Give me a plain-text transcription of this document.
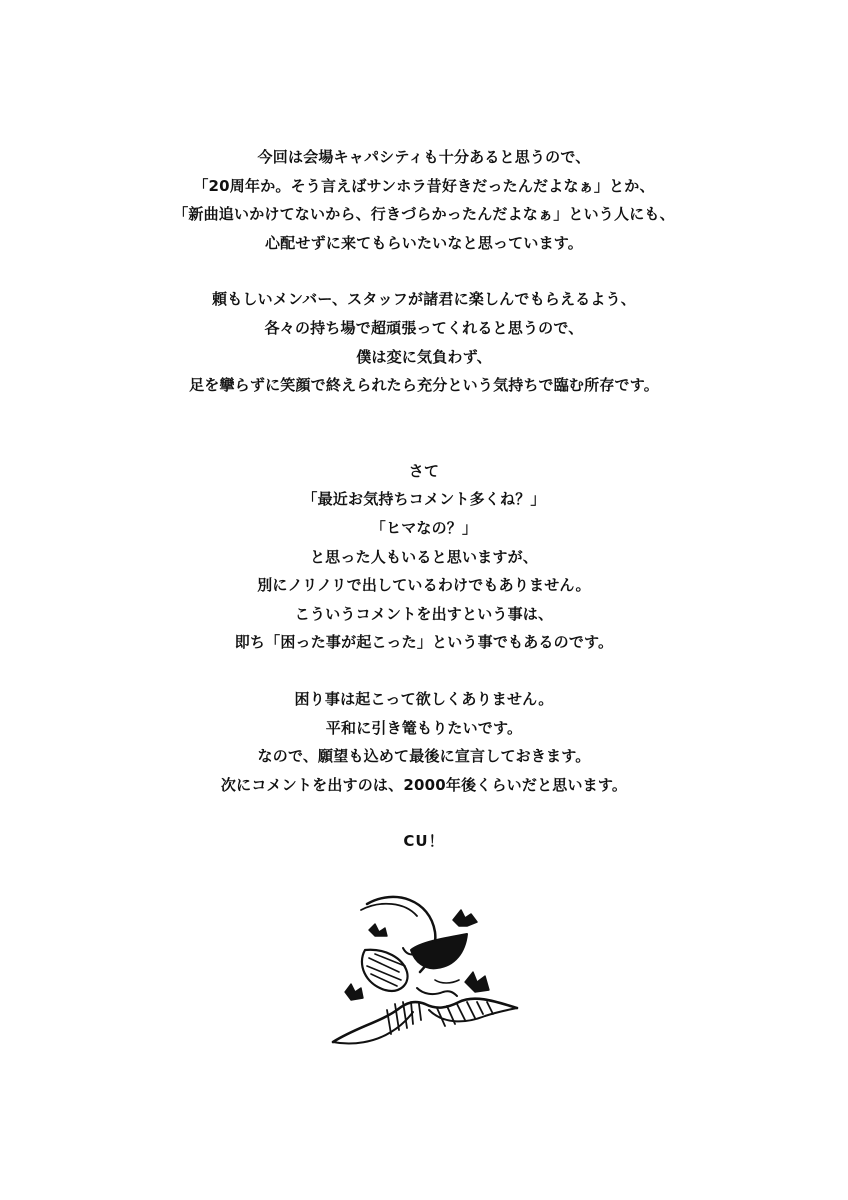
今回は会場キャパシティも十分あると思うので、
「20周年か。そう言えばサンホラ昔好きだったんだよなぁ」とか、
「新曲追いかけてないから、行きづらかったんだよなぁ」という人にも、
心配せずに来てもらいたいなと思っています。

頼もしいメンバー、スタッフが諸君に楽しんでもらえるよう、
各々の持ち場で超頑張ってくれると思うので、
僕は変に気負わず、
足を攣らずに笑顔で終えられたら充分という気持ちで臨む所存です。

さて
「最近お気持ちコメント多くね？」
「ヒマなの？」
と思った人もいると思いますが、
別にノリノリで出しているわけでもありません。
こういうコメントを出すという事は、
即ち「困った事が起こった」という事でもあるのです。

困り事は起こって欲しくありません。
平和に引き篭もりたいです。
なので、願望も込めて最後に宣言しておきます。
次にコメントを出すのは、2000年後くらいだと思います。

CU！
